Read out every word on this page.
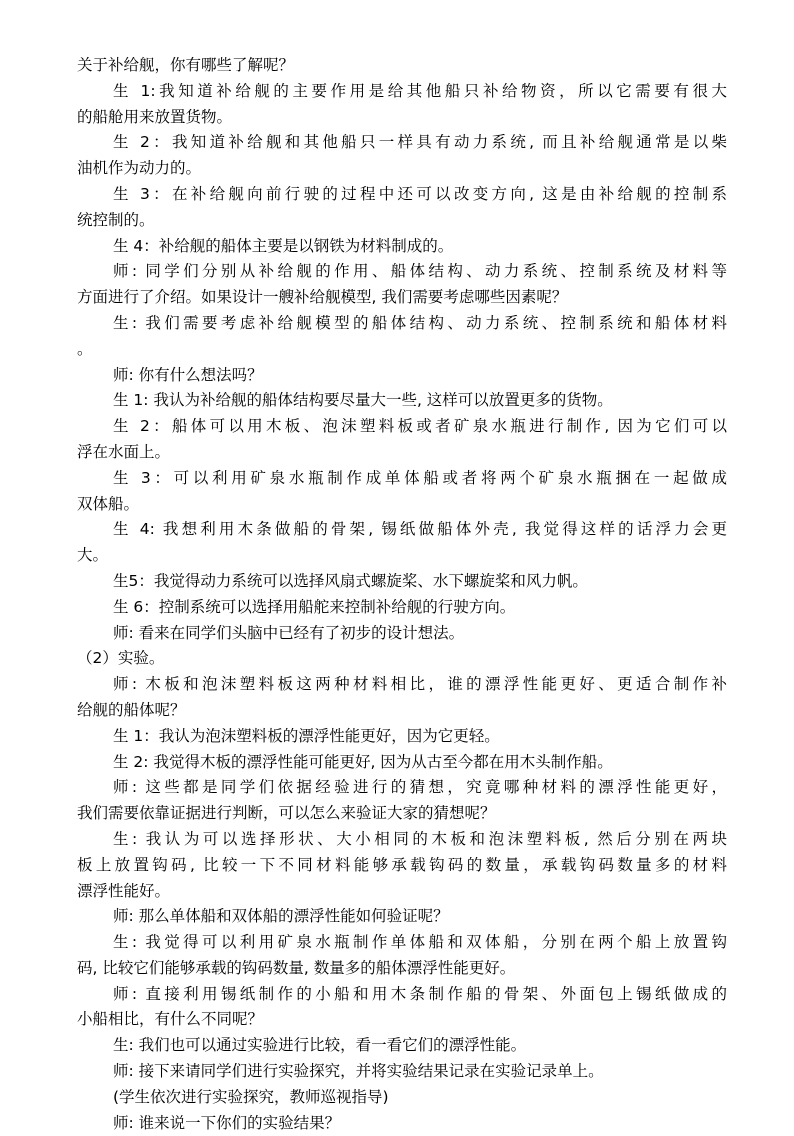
关于补给舰，你有哪些了解呢？
生 1:我知道补给舰的主要作用是给其他船只补给物资，所以它需要有很大
的船舱用来放置货物。
生 2：我知道补给舰和其他船只一样具有动力系统, 而且补给舰通常是以柴
油机作为动力的。
生 3：在补给舰向前行驶的过程中还可以改变方向, 这是由补给舰的控制系
统控制的。
生 4：补给舰的船体主要是以钢铁为材料制成的。
师: 同学们分别从补给舰的作用、船体结构、动力系统、控制系统及材料等
方面进行了介绍。如果设计一艘补给舰模型, 我们需要考虑哪些因素呢？
生: 我们需要考虑补给舰模型的船体结构、动力系统、控制系统和船体材料
。
师: 你有什么想法吗？
生 1: 我认为补给舰的船体结构要尽量大一些, 这样可以放置更多的货物。
生 2：船体可以用木板、泡沫塑料板或者矿泉水瓶进行制作, 因为它们可以
浮在水面上。
生 3：可以利用矿泉水瓶制作成单体船或者将两个矿泉水瓶捆在一起做成
双体船。
生 4: 我想利用木条做船的骨架, 锡纸做船体外壳, 我觉得这样的话浮力会更
大。
生5：我觉得动力系统可以选择风扇式螺旋桨、水下螺旋桨和风力帆。
生 6：控制系统可以选择用船舵来控制补给舰的行驶方向。
师: 看来在同学们头脑中已经有了初步的设计想法。
（2）实验。
师: 木板和泡沫塑料板这两种材料相比，谁的漂浮性能更好、更适合制作补
给舰的船体呢？
生 1：我认为泡沫塑料板的漂浮性能更好，因为它更轻。
生 2: 我觉得木板的漂浮性能可能更好, 因为从古至今都在用木头制作船。
师: 这些都是同学们依据经验进行的猜想，究竟哪种材料的漂浮性能更好，
我们需要依靠证据进行判断，可以怎么来验证大家的猜想呢？
生: 我认为可以选择形状、大小相同的木板和泡沫塑料板, 然后分别在两块
板上放置钩码, 比较一下不同材料能够承载钩码的数量，承载钩码数量多的材料
漂浮性能好。
师: 那么单体船和双体船的漂浮性能如何验证呢？
生: 我觉得可以利用矿泉水瓶制作单体船和双体船，分别在两个船上放置钩
码, 比较它们能够承载的钩码数量, 数量多的船体漂浮性能更好。
师: 直接利用锡纸制作的小船和用木条制作船的骨架、外面包上锡纸做成的
小船相比，有什么不同呢？
生: 我们也可以通过实验进行比较，看一看它们的漂浮性能。
师: 接下来请同学们进行实验探究，并将实验结果记录在实验记录单上。
(学生依次进行实验探究，教师巡视指导)
师: 谁来说一下你们的实验结果？
